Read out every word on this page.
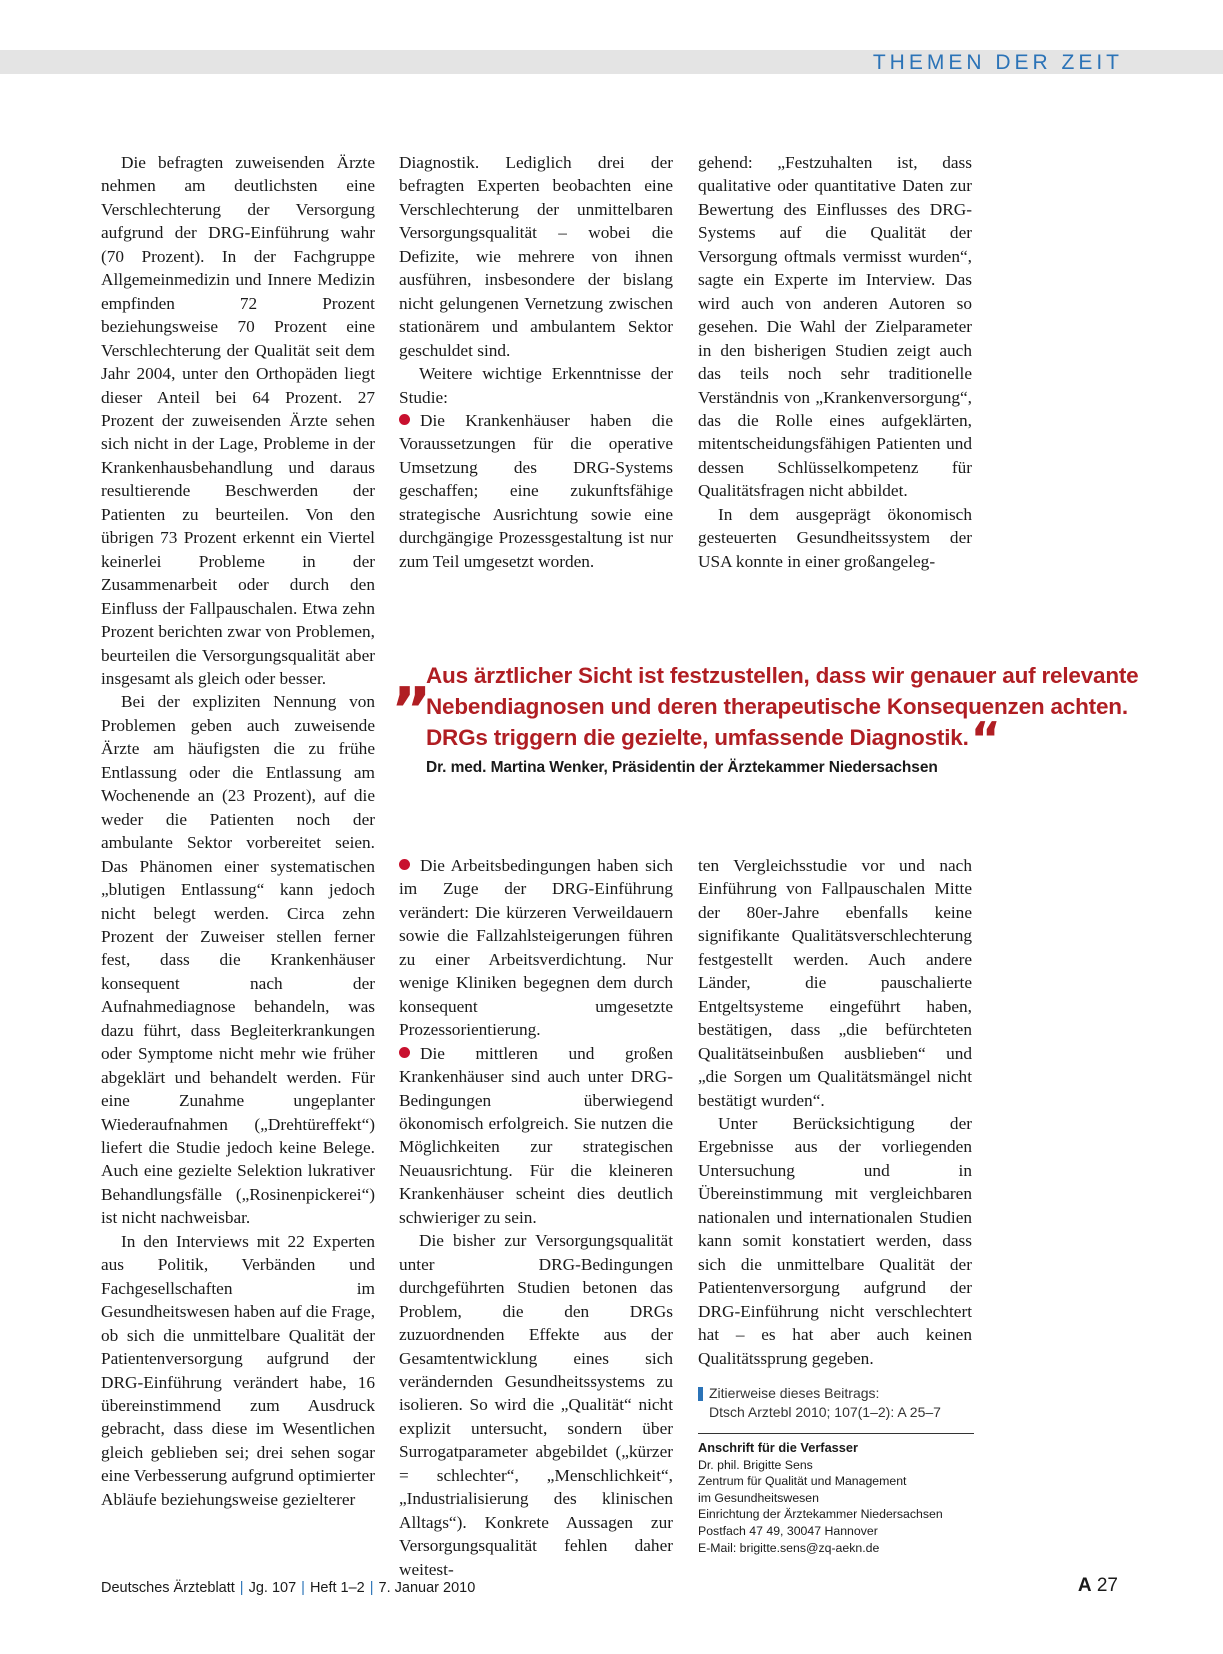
THEMEN DER ZEIT

Die befragten zuweisenden Ärzte nehmen am deutlichsten eine Verschlechterung der Versorgung aufgrund der DRG-Einführung wahr (70 Prozent). In der Fachgruppe Allgemeinmedizin und Innere Medizin empfinden 72 Prozent beziehungsweise 70 Prozent eine Verschlechterung der Qualität seit dem Jahr 2004, unter den Orthopäden liegt dieser Anteil bei 64 Prozent. 27 Prozent der zuweisenden Ärzte sehen sich nicht in der Lage, Probleme in der Krankenhausbehandlung und daraus resultierende Beschwerden der Patienten zu beurteilen. Von den übrigen 73 Prozent erkennt ein Viertel keinerlei Probleme in der Zusammenarbeit oder durch den Einfluss der Fallpauschalen. Etwa zehn Prozent berichten zwar von Problemen, beurteilen die Versorgungsqualität aber insgesamt als gleich oder besser.

Bei der expliziten Nennung von Problemen geben auch zuweisende Ärzte am häufigsten die zu frühe Entlassung oder die Entlassung am Wochenende an (23 Prozent), auf die weder die Patienten noch der ambulante Sektor vorbereitet seien. Das Phänomen einer systematischen „blutigen Entlassung“ kann jedoch nicht belegt werden. Circa zehn Prozent der Zuweiser stellen ferner fest, dass die Krankenhäuser konsequent nach der Aufnahmediagnose behandeln, was dazu führt, dass Begleiterkrankungen oder Symptome nicht mehr wie früher abgeklärt und behandelt werden. Für eine Zunahme ungeplanter Wiederaufnahmen („Drehtüreffekt“) liefert die Studie jedoch keine Belege. Auch eine gezielte Selektion lukrativer Behandlungsfälle („Rosinenpickerei“) ist nicht nachweisbar.

In den Interviews mit 22 Experten aus Politik, Verbänden und Fachgesellschaften im Gesundheitswesen haben auf die Frage, ob sich die unmittelbare Qualität der Patientenversorgung aufgrund der DRG-Einführung verändert habe, 16 übereinstimmend zum Ausdruck gebracht, dass diese im Wesentlichen gleich geblieben sei; drei sehen sogar eine Verbesserung aufgrund optimierter Abläufe beziehungsweise gezielterer

Diagnostik. Lediglich drei der befragten Experten beobachten eine Verschlechterung der unmittelbaren Versorgungsqualität – wobei die Defizite, wie mehrere von ihnen ausführen, insbesondere der bislang nicht gelungenen Vernetzung zwischen stationärem und ambulantem Sektor geschuldet sind.

Weitere wichtige Erkenntnisse der Studie:

Die Krankenhäuser haben die Voraussetzungen für die operative Umsetzung des DRG-Systems geschaffen; eine zukunftsfähige strategische Ausrichtung sowie eine durchgängige Prozessgestaltung ist nur zum Teil umgesetzt worden.

gehend: „Festzuhalten ist, dass qualitative oder quantitative Daten zur Bewertung des Einflusses des DRG-Systems auf die Qualität der Versorgung oftmals vermisst wurden“, sagte ein Experte im Interview. Das wird auch von anderen Autoren so gesehen. Die Wahl der Zielparameter in den bisherigen Studien zeigt auch das teils noch sehr traditionelle Verständnis von „Krankenversorgung“, das die Rolle eines aufgeklärten, mitentscheidungsfähigen Patienten und dessen Schlüsselkompetenz für Qualitätsfragen nicht abbildet.

In dem ausgeprägt ökonomisch gesteuerten Gesundheitssystem der USA konnte in einer großangeleg-

„
Aus ärztlicher Sicht ist festzustellen, dass wir genauer auf relevante Nebendiagnosen und deren therapeutische Konsequenzen achten. DRGs triggern die gezielte, umfassende Diagnostik.“
Dr. med. Martina Wenker, Präsidentin der Ärztekammer Niedersachsen

Die Arbeitsbedingungen haben sich im Zuge der DRG-Einführung verändert: Die kürzeren Verweildauern sowie die Fallzahlsteigerungen führen zu einer Arbeitsverdichtung. Nur wenige Kliniken begegnen dem durch konsequent umgesetzte Prozessorientierung.

Die mittleren und großen Krankenhäuser sind auch unter DRG-Bedingungen überwiegend ökonomisch erfolgreich. Sie nutzen die Möglichkeiten zur strategischen Neuausrichtung. Für die kleineren Krankenhäuser scheint dies deutlich schwieriger zu sein.

Die bisher zur Versorgungsqualität unter DRG-Bedingungen durchgeführten Studien betonen das Problem, die den DRGs zuzuordnenden Effekte aus der Gesamtentwicklung eines sich verändernden Gesundheitssystems zu isolieren. So wird die „Qualität“ nicht explizit untersucht, sondern über Surrogatparameter abgebildet („kürzer = schlechter“, „Menschlichkeit“, „Industrialisierung des klinischen Alltags“). Konkrete Aussagen zur Versorgungsqualität fehlen daher weitest-

ten Vergleichsstudie vor und nach Einführung von Fallpauschalen Mitte der 80er-Jahre ebenfalls keine signifikante Qualitätsverschlechterung festgestellt werden. Auch andere Länder, die pauschalierte Entgeltsysteme eingeführt haben, bestätigen, dass „die befürchteten Qualitätseinbußen ausblieben“ und „die Sorgen um Qualitätsmängel nicht bestätigt wurden“.

Unter Berücksichtigung der Ergebnisse aus der vorliegenden Untersuchung und in Übereinstimmung mit vergleichbaren nationalen und internationalen Studien kann somit konstatiert werden, dass sich die unmittelbare Qualität der Patientenversorgung aufgrund der DRG-Einführung nicht verschlechtert hat – es hat aber auch keinen Qualitätssprung gegeben.

Zitierweise dieses Beitrags:
Dtsch Arztebl 2010; 107(1–2): A 25–7
Anschrift für die Verfasser
Dr. phil. Brigitte Sens
Zentrum für Qualität und Management
im Gesundheitswesen
Einrichtung der Ärztekammer Niedersachsen
Postfach 47 49, 30047 Hannover
E-Mail: brigitte.sens@zq-aekn.de
Deutsches Ärzteblatt | Jg. 107 | Heft 1–2 | 7. Januar 2010	A 27
